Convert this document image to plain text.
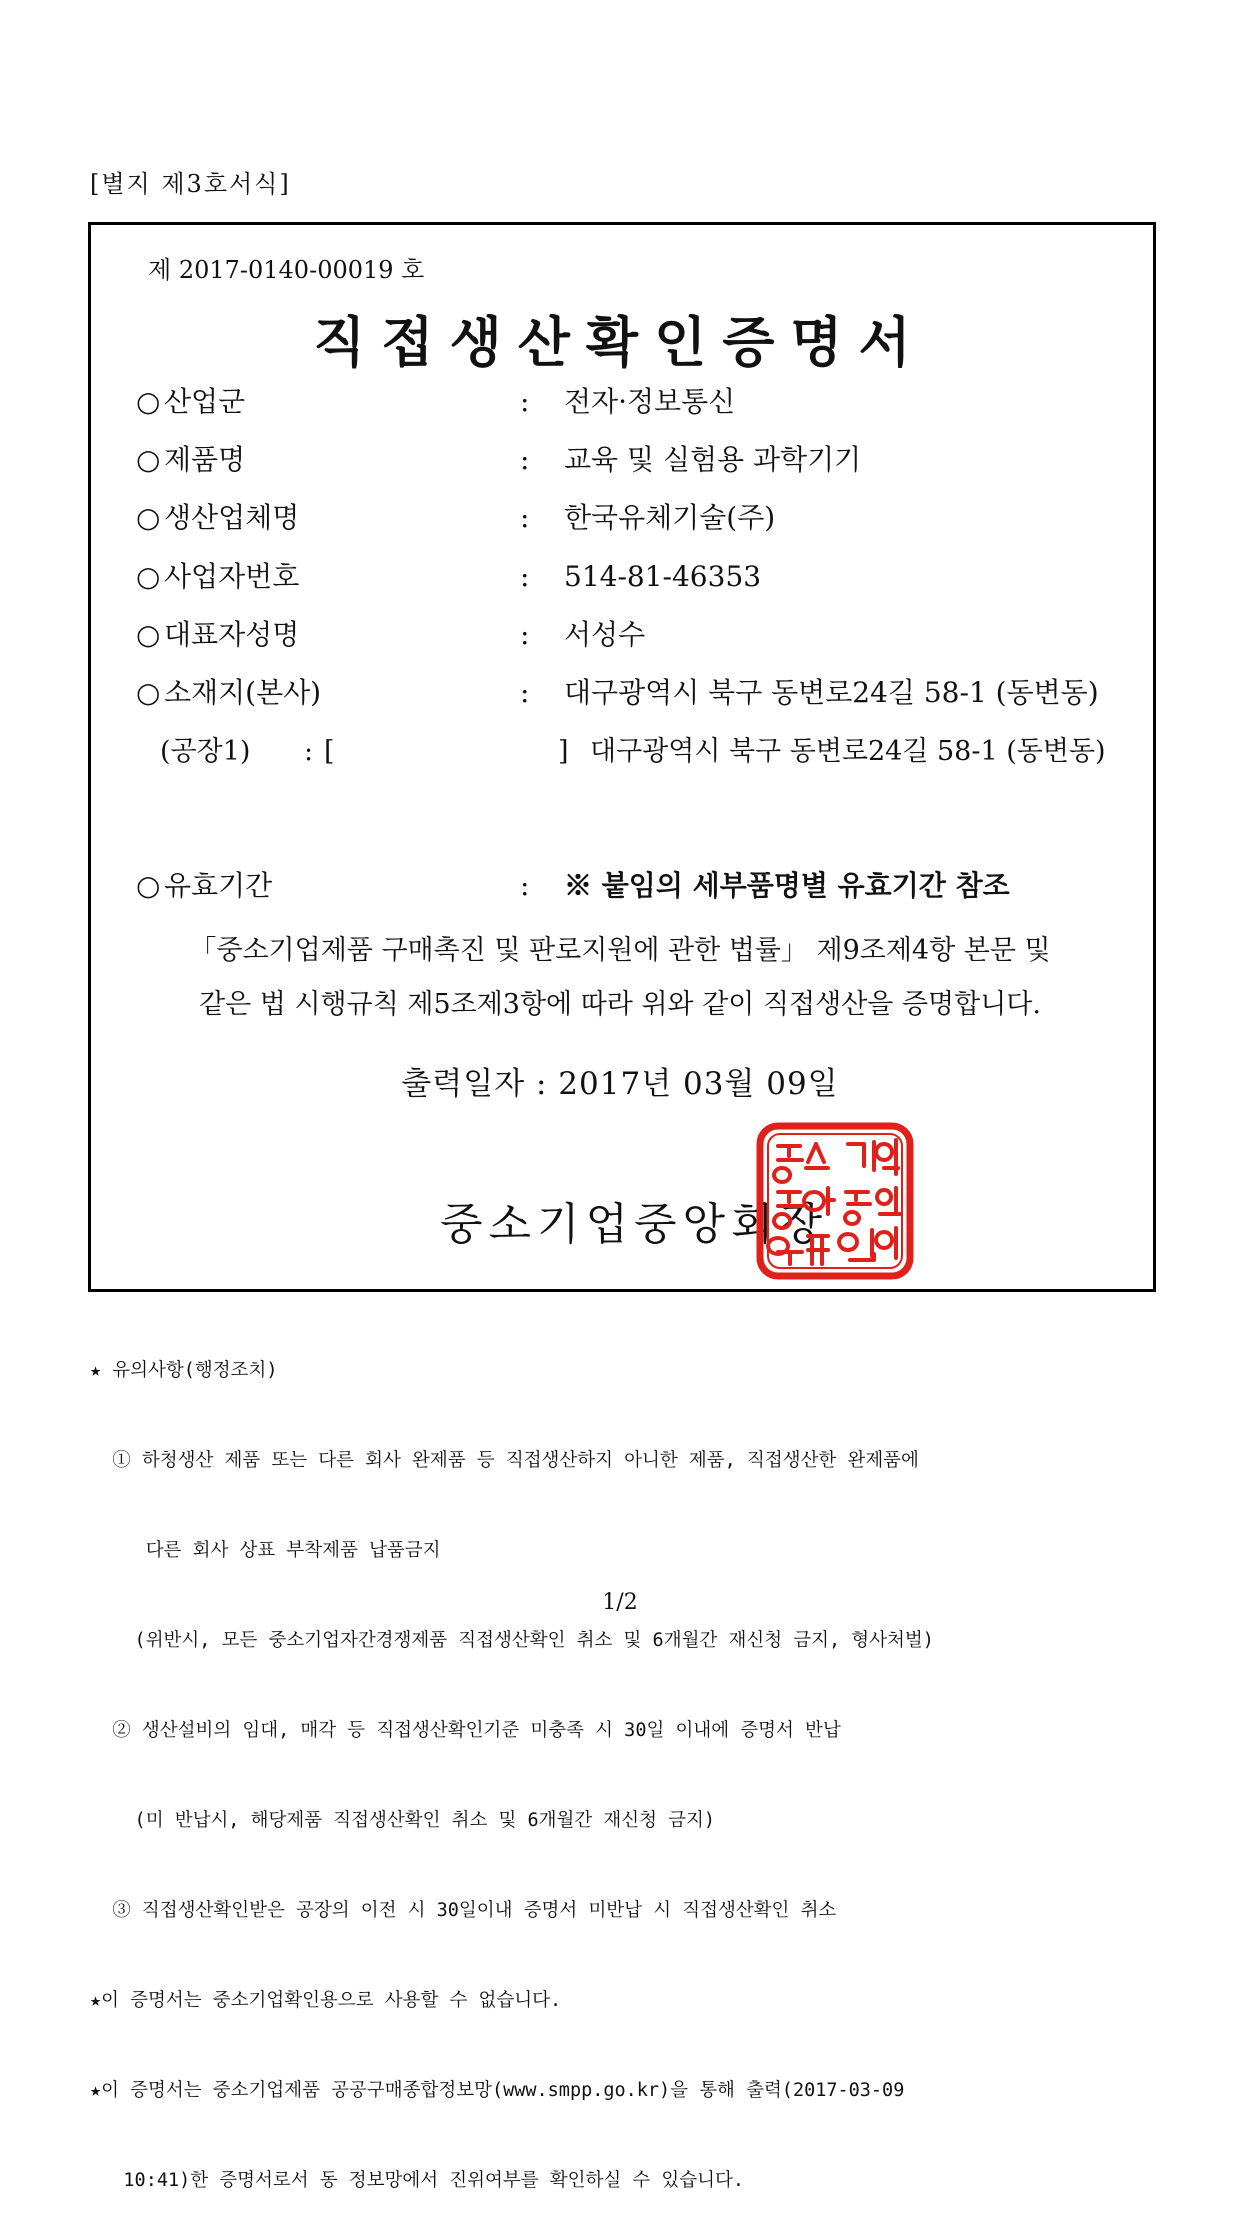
[별지 제3호서식]
제 2017-0140-00019 호
직접생산확인증명서
○ 산업군	: 전자·정보통신
○ 제품명	: 교육 및 실험용 과학기기
○ 생산업체명	: 한국유체기술(주)
○ 사업자번호	: 514-81-46353
○ 대표자성명	: 서성수
○ 소재지(본사)	: 대구광역시 북구 동변로24길 58-1 (동변동)
(공장1) : [	] 대구광역시 북구 동변로24길 58-1 (동변동)
○ 유효기간	: ※ 붙임의 세부품명별 유효기간 참조
「중소기업제품 구매촉진 및 판로지원에 관한 법률」 제9조제4항 본문 및
같은 법 시행규칙 제5조제3항에 따라 위와 같이 직접생산을 증명합니다.
출력일자 : 2017년 03월 09일
중소기업중앙회장

★ 유의사항(행정조치)

① 하청생산 제품 또는 다른 회사 완제품 등 직접생산하지 아니한 제품, 직접생산한 완제품에

다른 회사 상표 부착제품 납품금지

(위반시, 모든 중소기업자간경쟁제품 직접생산확인 취소 및 6개월간 재신청 금지, 형사처벌)

② 생산설비의 임대, 매각 등 직접생산확인기준 미충족 시 30일 이내에 증명서 반납

(미 반납시, 해당제품 직접생산확인 취소 및 6개월간 재신청 금지)

③ 직접생산확인받은 공장의 이전 시 30일이내 증명서 미반납 시 직접생산확인 취소

★이 증명서는 중소기업확인용으로 사용할 수 없습니다.

★이 증명서는 중소기업제품 공공구매종합정보망(www.smpp.go.kr)을 통해 출력(2017-03-09

10:41)한 증명서로서 동 정보망에서 진위여부를 확인하실 수 있습니다.

1/2
